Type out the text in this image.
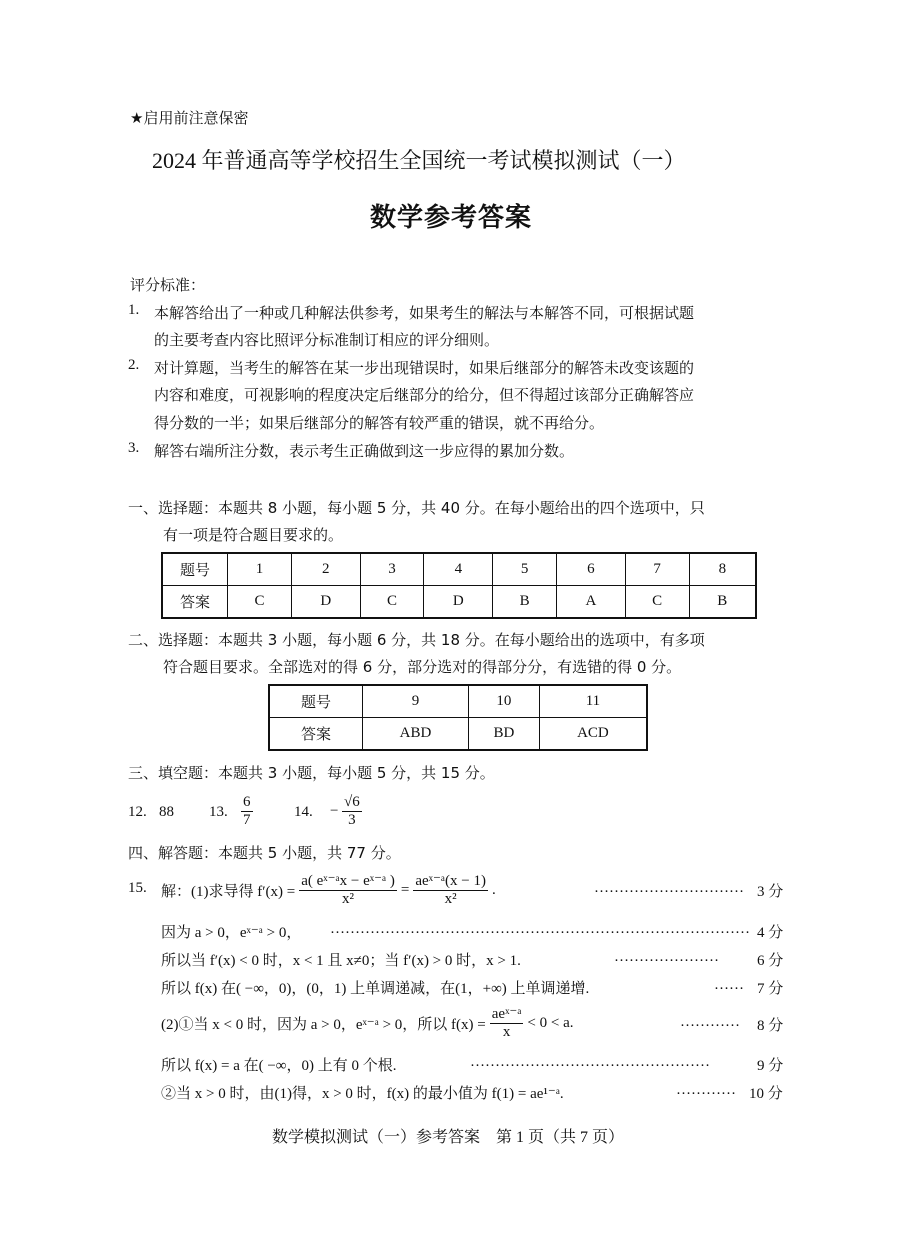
★启用前注意保密
2024 年普通高等学校招生全国统一考试模拟测试（一）
数学参考答案
评分标准：
1. 本解答给出了一种或几种解法供参考，如果考生的解法与本解答不同，可根据试题
的主要考查内容比照评分标准制订相应的评分细则。
2. 对计算题，当考生的解答在某一步出现错误时，如果后继部分的解答未改变该题的
内容和难度，可视影响的程度决定后继部分的给分，但不得超过该部分正确解答应
得分数的一半；如果后继部分的解答有较严重的错误，就不再给分。
3. 解答右端所注分数，表示考生正确做到这一步应得的累加分数。
一、选择题：本题共 8 小题，每小题 5 分，共 40 分。在每小题给出的四个选项中，只
有一项是符合题目要求的。
题号	1	2	3	4	5	6	7	8
答案	C	D	C	D	B	A	C	B
二、选择题：本题共 3 小题，每小题 6 分，共 18 分。在每小题给出的选项中，有多项
符合题目要求。全部选对的得 6 分，部分选对的得部分分，有选错的得 0 分。
题号	9	10	11
答案	ABD	BD	ACD
三、填空题：本题共 3 小题，每小题 5 分，共 15 分。
12. 88 13. $\frac{6}{7}$	14. − $\frac{√6}{3}$
四、解答题：本题共 5 小题，共 77 分。
15. 解：(1)求导得 $f'(x) = \frac{\text{a( eˣ⁻ᵃx − eˣ⁻ᵃ )}}{\text{x²}} = \frac{\text{aeˣ⁻ᵃ(x − 1)}}{\text{x²}}$ .	………………………… 3 分
因为 a > 0，eˣ⁻ᵃ > 0， ………………………………………………………………………… 4 分
所以当 f′(x) < 0 时，x < 1 且 x≠0；当 f′(x) > 0 时，x > 1.	…………………	6 分
所以 f(x) 在( −∞，0)，(0，1) 上单调递减，在(1，+∞) 上单调递增.	…… 7 分
(2)①当 x < 0 时，因为 a > 0，eˣ⁻ᵃ > 0，所以 $f(x) = \frac{\text{aeˣ⁻ᵃ}}{x} < 0 < a$.	………… 8 分
所以 f(x) = a 在( −∞，0) 上有 0 个根.	…………………………………………	9 分
②当 x > 0 时，由(1)得，x > 0 时，f(x) 的最小值为 f(1) = ae¹⁻ᵃ.	………… 10 分
数学模拟测试（一）参考答案　第 1 页（共 7 页）
